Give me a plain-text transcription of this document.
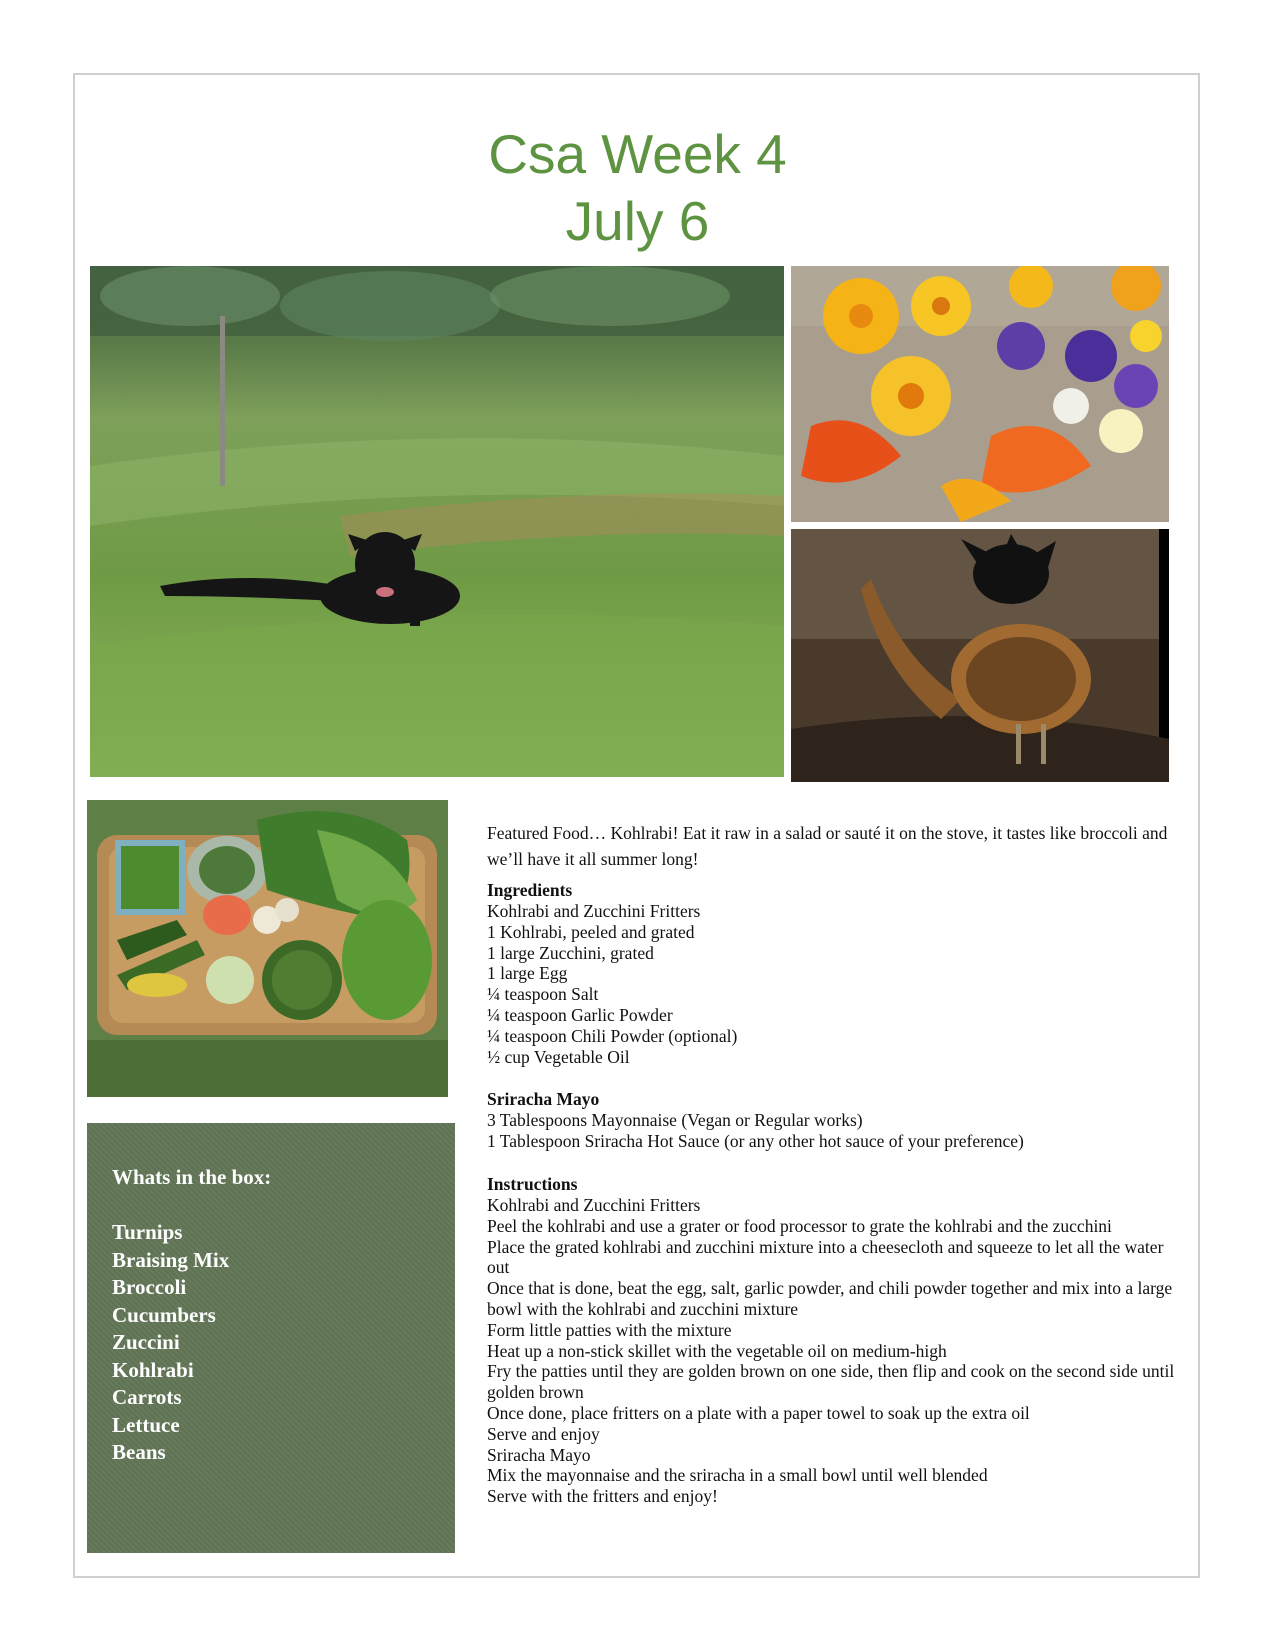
Csa Week 4
July 6
Whats in the box:
Turnips
Braising Mix
Broccoli
Cucumbers
Zuccini
Kohlrabi
Carrots
Lettuce
Beans

Featured Food… Kohlrabi! Eat it raw in a salad or sauté it on the stove, it tastes like broccoli and we’ll have it all summer long!

Ingredients
Kohlrabi and Zucchini Fritters
1 Kohlrabi, peeled and grated
1 large Zucchini, grated
1 large Egg
¼ teaspoon Salt
¼ teaspoon Garlic Powder
¼ teaspoon Chili Powder (optional)
½ cup Vegetable Oil
Sriracha Mayo
3 Tablespoons Mayonnaise (Vegan or Regular works)
1 Tablespoon Sriracha Hot Sauce (or any other hot sauce of your preference)
Instructions
Kohlrabi and Zucchini Fritters
Peel the kohlrabi and use a grater or food processor to grate the kohlrabi and the zucchini
Place the grated kohlrabi and zucchini mixture into a cheesecloth and squeeze to let all the water out
Once that is done, beat the egg, salt, garlic powder, and chili powder together and mix into a large bowl with the kohlrabi and zucchini mixture
Form little patties with the mixture
Heat up a non-stick skillet with the vegetable oil on medium-high
Fry the patties until they are golden brown on one side, then flip and cook on the second side until golden brown
Once done, place fritters on a plate with a paper towel to soak up the extra oil
Serve and enjoy
Sriracha Mayo
Mix the mayonnaise and the sriracha in a small bowl until well blended
Serve with the fritters and enjoy!
